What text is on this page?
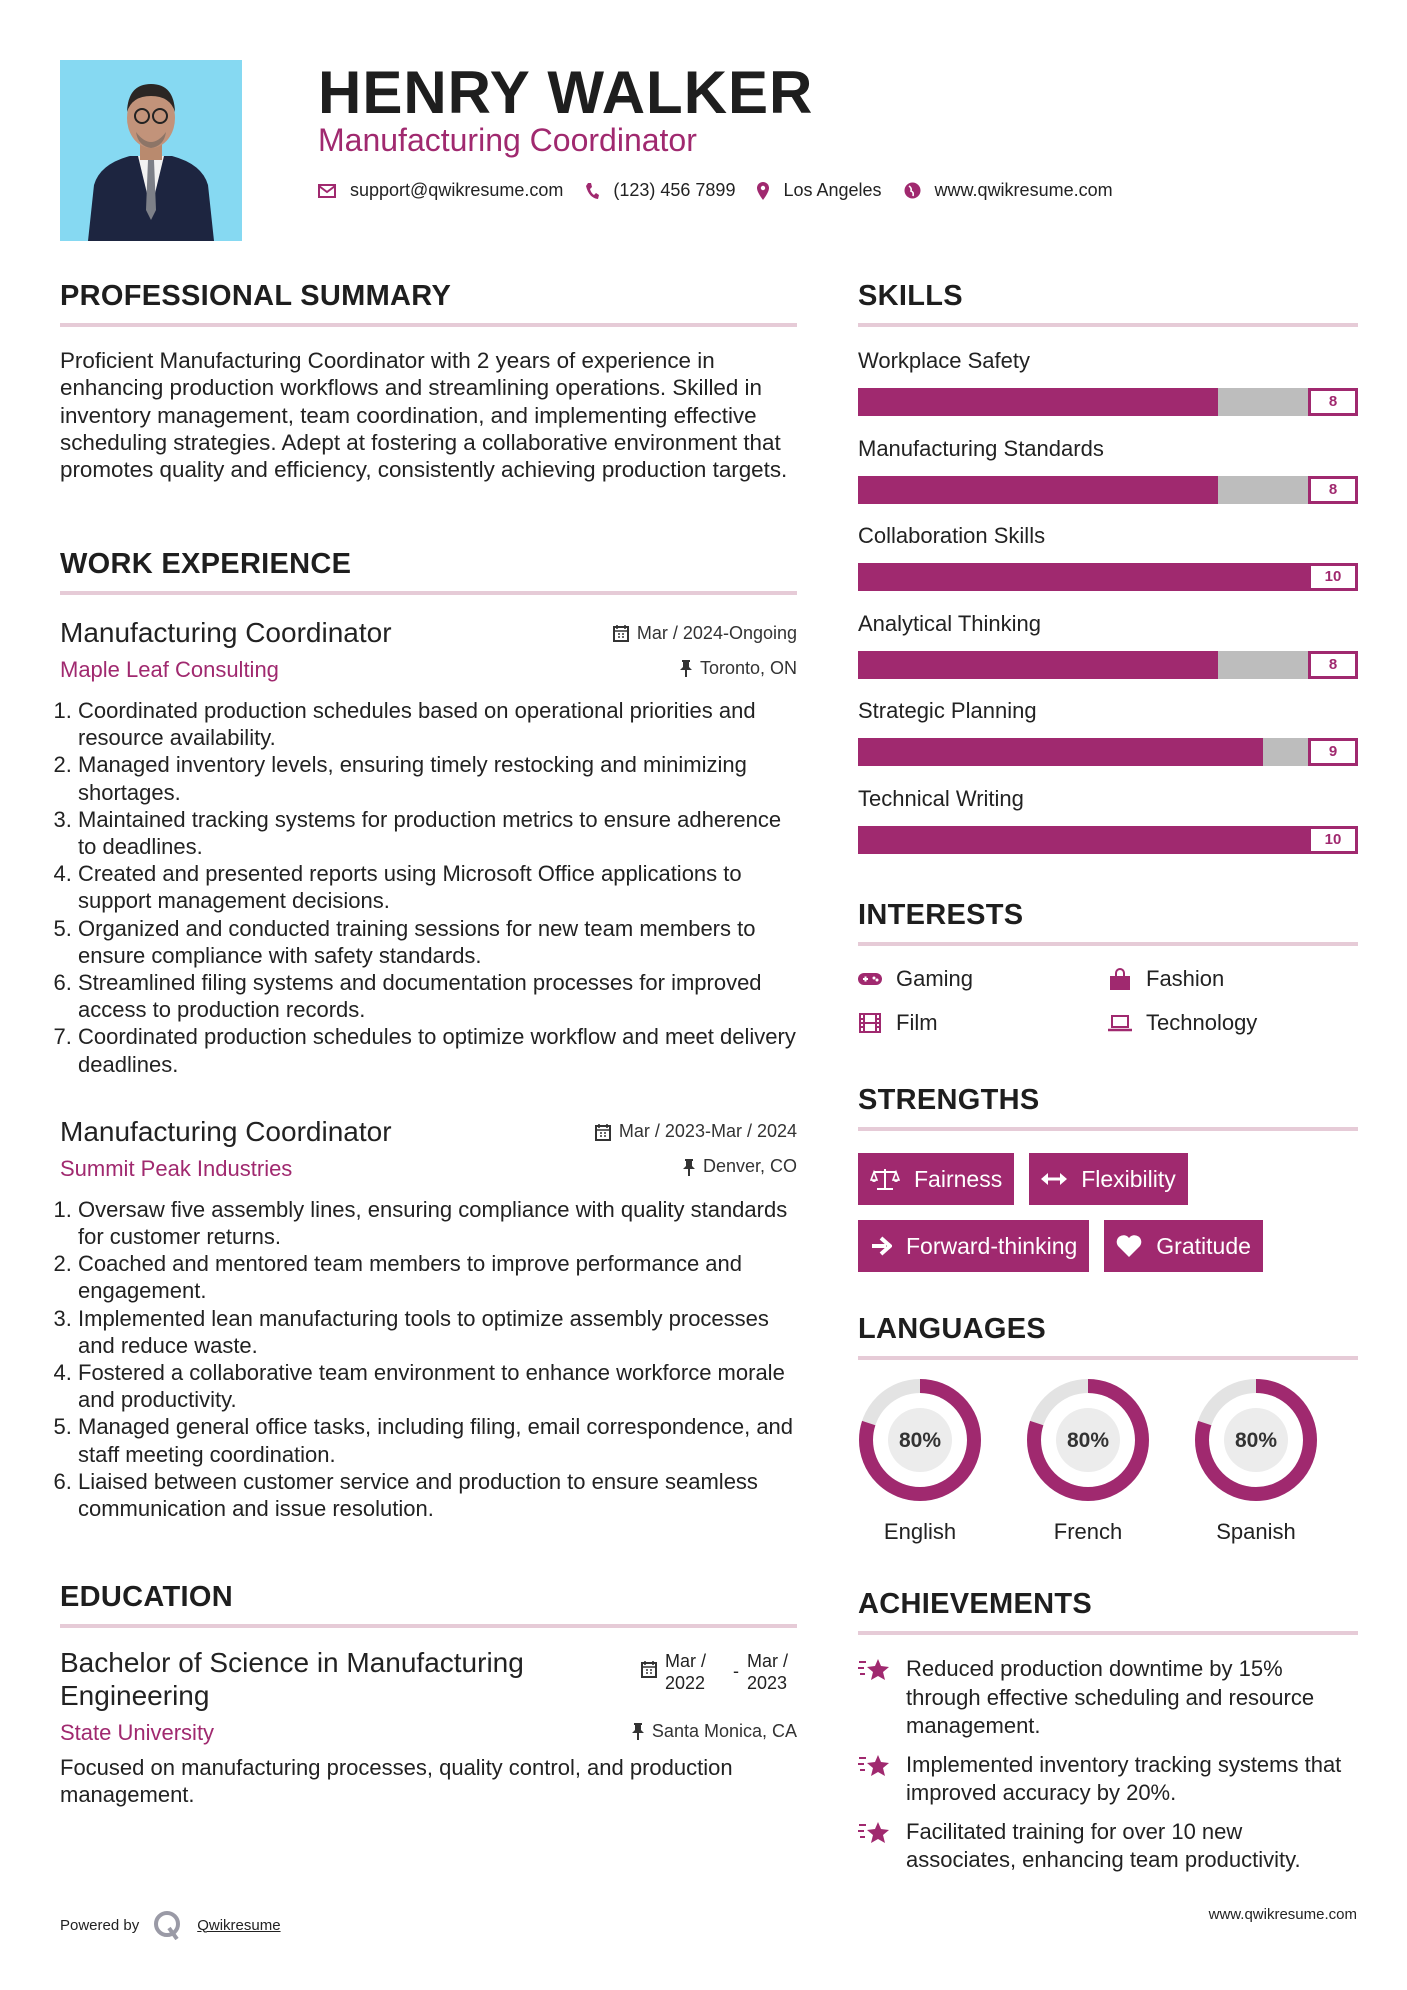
HENRY WALKER
Manufacturing Coordinator
support@qwikresume.com	(123) 456 7899	Los Angeles	www.qwikresume.com
PROFESSIONAL SUMMARY
Proficient Manufacturing Coordinator with 2 years of experience in enhancing production workflows and streamlining operations. Skilled in inventory management, team coordination, and implementing effective scheduling strategies. Adept at fostering a collaborative environment that promotes quality and efficiency, consistently achieving production targets.
WORK EXPERIENCE
Manufacturing Coordinator	Mar / 2024-Ongoing
Maple Leaf Consulting	Toronto, ON
1. Coordinated production schedules based on operational priorities and resource availability.
2. Managed inventory levels, ensuring timely restocking and minimizing shortages.
3. Maintained tracking systems for production metrics to ensure adherence to deadlines.
4. Created and presented reports using Microsoft Office applications to support management decisions.
5. Organized and conducted training sessions for new team members to ensure compliance with safety standards.
6. Streamlined filing systems and documentation processes for improved access to production records.
7. Coordinated production schedules to optimize workflow and meet delivery deadlines.
Manufacturing Coordinator	Mar / 2023-Mar / 2024
Summit Peak Industries	Denver, CO
1. Oversaw five assembly lines, ensuring compliance with quality standards for customer returns.
2. Coached and mentored team members to improve performance and engagement.
3. Implemented lean manufacturing tools to optimize assembly processes and reduce waste.
4. Fostered a collaborative team environment to enhance workforce morale and productivity.
5. Managed general office tasks, including filing, email correspondence, and staff meeting coordination.
6. Liaised between customer service and production to ensure seamless communication and issue resolution.
EDUCATION
Bachelor of Science in Manufacturing Engineering
Mar / 2022
- Mar / 2023
State University	Santa Monica, CA
Focused on manufacturing processes, quality control, and production management.
Powered by	Qwikresume
www.qwikresume.com
SKILLS
Workplace Safety
8
Manufacturing Standards
8
Collaboration Skills
10
Analytical Thinking
8
Strategic Planning
9
Technical Writing
10
INTERESTS
Gaming	Fashion
Film	Technology
STRENGTHS
Fairness	Flexibility
Forward-thinking	Gratitude
LANGUAGES
80%
English
80%
French
80%
Spanish
ACHIEVEMENTS
Reduced production downtime by 15% through effective scheduling and resource management.
Implemented inventory tracking systems that improved accuracy by 20%.
Facilitated training for over 10 new associates, enhancing team productivity.
